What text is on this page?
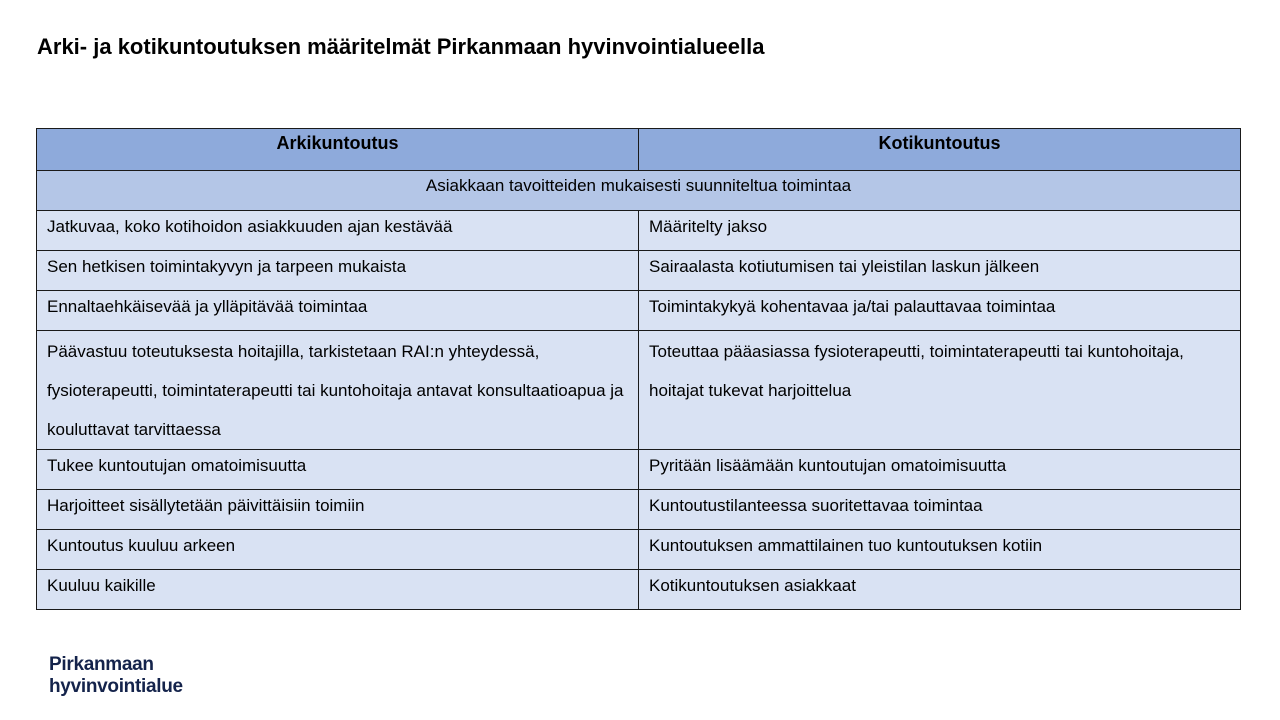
Arki- ja kotikuntoutuksen määritelmät Pirkanmaan hyvinvointialueella
Arkikuntoutus	Kotikuntoutus
Asiakkaan tavoitteiden mukaisesti suunniteltua toimintaa	
Jatkuvaa, koko kotihoidon asiakkuuden ajan kestävää	Määritelty jakso
Sen hetkisen toimintakyvyn ja tarpeen mukaista	Sairaalasta kotiutumisen tai yleistilan laskun jälkeen
Ennaltaehkäisevää ja ylläpitävää toimintaa	Toimintakykyä kohentavaa ja/tai palauttavaa toimintaa
Päävastuu toteutuksesta hoitajilla, tarkistetaan RAI:n yhteydessä, fysioterapeutti, toimintaterapeutti tai kuntohoitaja antavat konsultaatioapua ja kouluttavat tarvittaessa	Toteuttaa pääasiassa fysioterapeutti, toimintaterapeutti tai kuntohoitaja, hoitajat tukevat harjoittelua
Tukee kuntoutujan omatoimisuutta	Pyritään lisäämään kuntoutujan omatoimisuutta
Harjoitteet sisällytetään päivittäisiin toimiin	Kuntoutustilanteessa suoritettavaa toimintaa
Kuntoutus kuuluu arkeen	Kuntoutuksen ammattilainen tuo kuntoutuksen kotiin
Kuuluu kaikille	Kotikuntoutuksen asiakkaat
Pirkanmaan
hyvinvointialue
